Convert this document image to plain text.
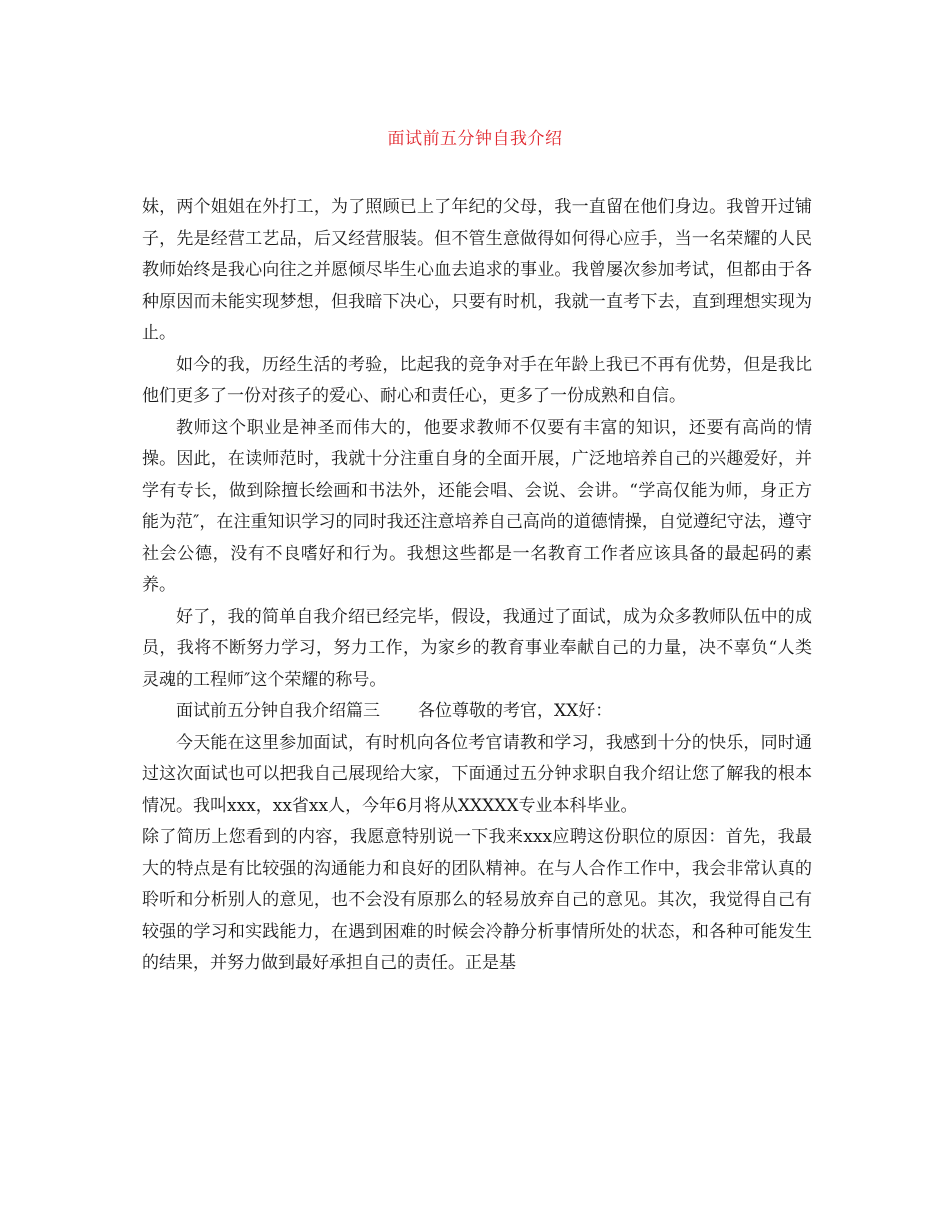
面试前五分钟自我介绍

妹，两个姐姐在外打工，为了照顾已上了年纪的父母，我一直留在他们身边。我曾开过铺子，先是经营工艺品，后又经营服装。但不管生意做得如何得心应手，当一名荣耀的人民教师始终是我心向往之并愿倾尽毕生心血去追求的事业。我曾屡次参加考试，但都由于各种原因而未能实现梦想，但我暗下决心，只要有时机，我就一直考下去，直到理想实现为止。

如今的我，历经生活的考验，比起我的竞争对手在年龄上我已不再有优势，但是我比他们更多了一份对孩子的爱心、耐心和责任心，更多了一份成熟和自信。

教师这个职业是神圣而伟大的，他要求教师不仅要有丰富的知识，还要有高尚的情操。因此，在读师范时，我就十分注重自身的全面开展，广泛地培养自己的兴趣爱好，并学有专长，做到除擅长绘画和书法外，还能会唱、会说、会讲。“学高仅能为师，身正方能为范″，在注重知识学习的同时我还注意培养自己高尚的道德情操，自觉遵纪守法，遵守社会公德，没有不良嗜好和行为。我想这些都是一名教育工作者应该具备的最起码的素养。

好了，我的简单自我介绍已经完毕，假设，我通过了面试，成为众多教师队伍中的成员，我将不断努力学习，努力工作，为家乡的教育事业奉献自己的力量，决不辜负“人类灵魂的工程师″这个荣耀的称号。

面试前五分钟自我介绍篇三 各位尊敬的考官，XX好：

今天能在这里参加面试，有时机向各位考官请教和学习，我感到十分的快乐，同时通过这次面试也可以把我自己展现给大家，下面通过五分钟求职自我介绍让您了解我的根本情况。我叫xxx，xx省xx人，今年6月将从XXXXX专业本科毕业。

除了简历上您看到的内容，我愿意特别说一下我来xxx应聘这份职位的原因：首先，我最大的特点是有比较强的沟通能力和良好的团队精神。在与人合作工作中，我会非常认真的聆听和分析别人的意见，也不会没有原那么的轻易放弃自己的意见。其次，我觉得自己有较强的学习和实践能力，在遇到困难的时候会冷静分析事情所处的状态，和各种可能发生的结果，并努力做到最好承担自己的责任。正是基
